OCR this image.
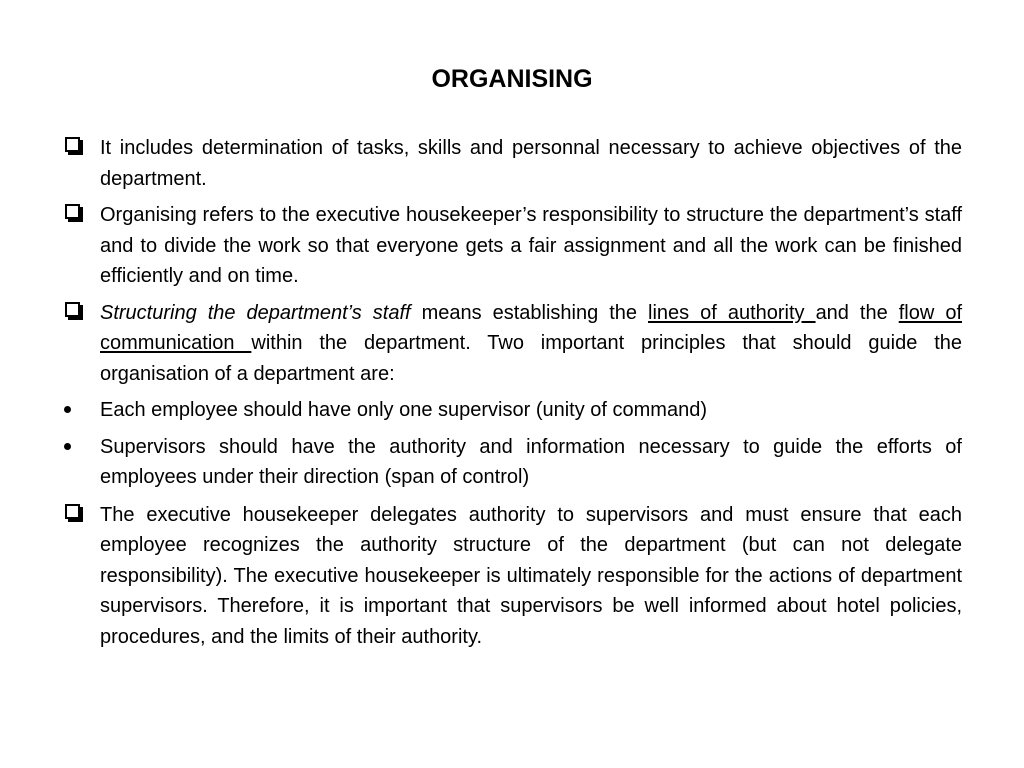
ORGANISING
It includes determination of tasks, skills and personnal necessary to achieve objectives of the department.
Organising refers to the executive housekeeper’s responsibility to structure the department’s staff and to divide the work so that everyone gets a fair assignment and all the work can be finished efficiently and on time.
Structuring the department’s staff means establishing the lines of authority and the flow of communication within the department. Two important principles that should guide the organisation of a department are:
Each employee should have only one supervisor (unity of command)
Supervisors should have the authority and information necessary to guide the efforts of employees under their direction (span of control)
The executive housekeeper delegates authority to supervisors and must ensure that each employee recognizes the authority structure of the department (but can not delegate responsibility). The executive housekeeper is ultimately responsible for the actions of department supervisors. Therefore, it is important that supervisors be well informed about hotel policies, procedures, and the limits of their authority.
